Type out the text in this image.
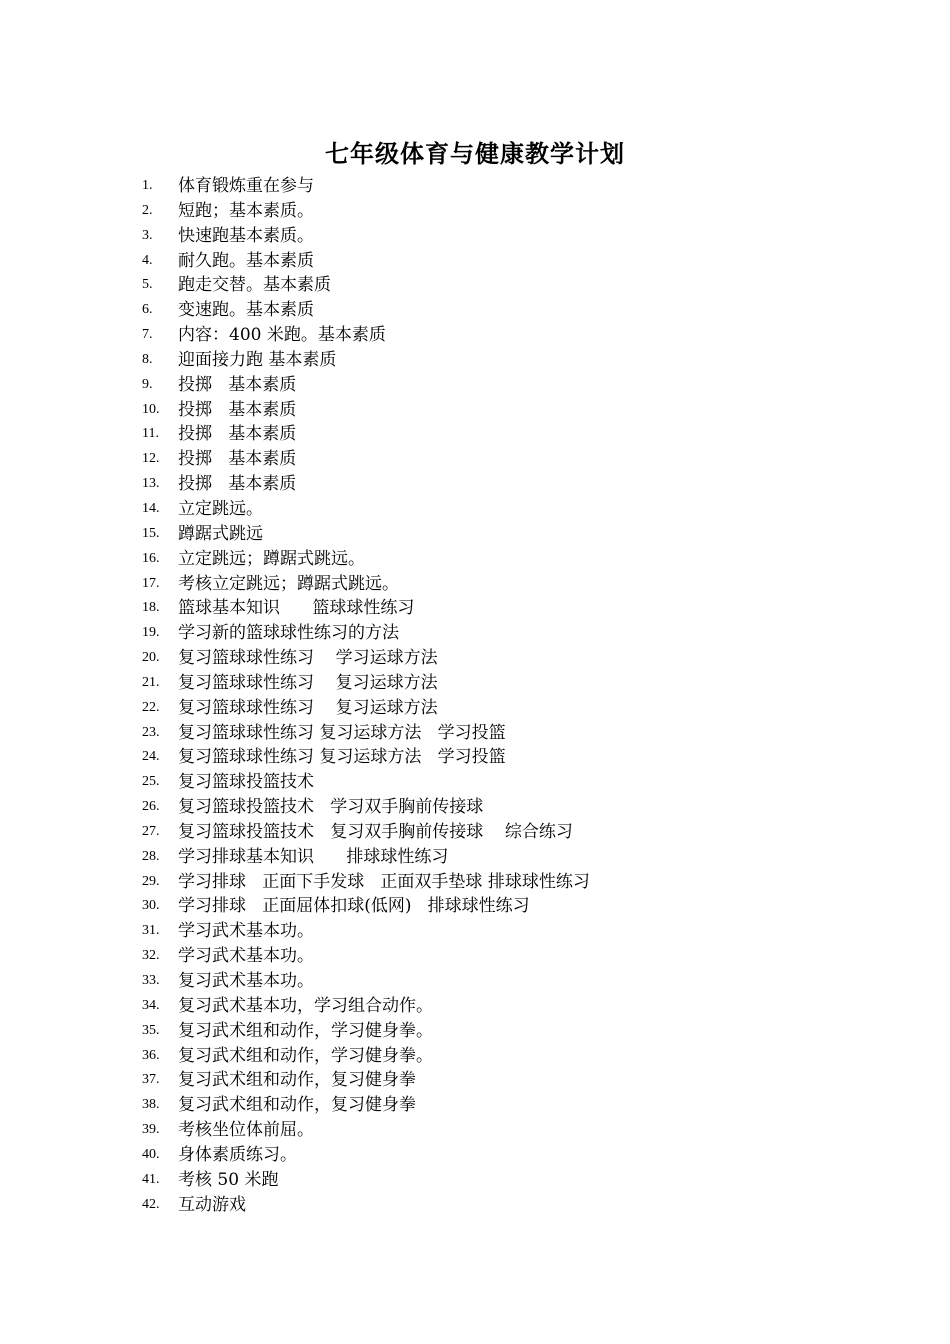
七年级体育与健康教学计划
1.	体育锻炼重在参与
2.	短跑；基本素质。
3.	快速跑基本素质。
4.	耐久跑。基本素质
5.	跑走交替。基本素质
6.	变速跑。基本素质
7.	内容：400 米跑。基本素质
8.	迎面接力跑 基本素质
9.	投掷   基本素质
10.	投掷   基本素质
11.	投掷   基本素质
12.	投掷   基本素质
13.	投掷   基本素质
14.	立定跳远。
15.	蹲踞式跳远
16.	立定跳远；蹲踞式跳远。
17.	考核立定跳远；蹲踞式跳远。
18.	篮球基本知识      篮球球性练习
19.	学习新的篮球球性练习的方法
20.	复习篮球球性练习    学习运球方法
21.	复习篮球球性练习    复习运球方法
22.	复习篮球球性练习    复习运球方法
23.	复习篮球球性练习 复习运球方法   学习投篮
24.	复习篮球球性练习 复习运球方法   学习投篮
25.	复习篮球投篮技术
26.	复习篮球投篮技术   学习双手胸前传接球
27.	复习篮球投篮技术   复习双手胸前传接球    综合练习
28.	学习排球基本知识      排球球性练习
29.	学习排球   正面下手发球   正面双手垫球 排球球性练习
30.	学习排球   正面屈体扣球(低网)   排球球性练习
31.	学习武术基本功。
32.	学习武术基本功。
33.	复习武术基本功。
34.	复习武术基本功，学习组合动作。
35.	复习武术组和动作，学习健身拳。
36.	复习武术组和动作，学习健身拳。
37.	复习武术组和动作，复习健身拳
38.	复习武术组和动作，复习健身拳
39.	考核坐位体前屈。
40.	身体素质练习。
41.	考核 50 米跑
42.	互动游戏
